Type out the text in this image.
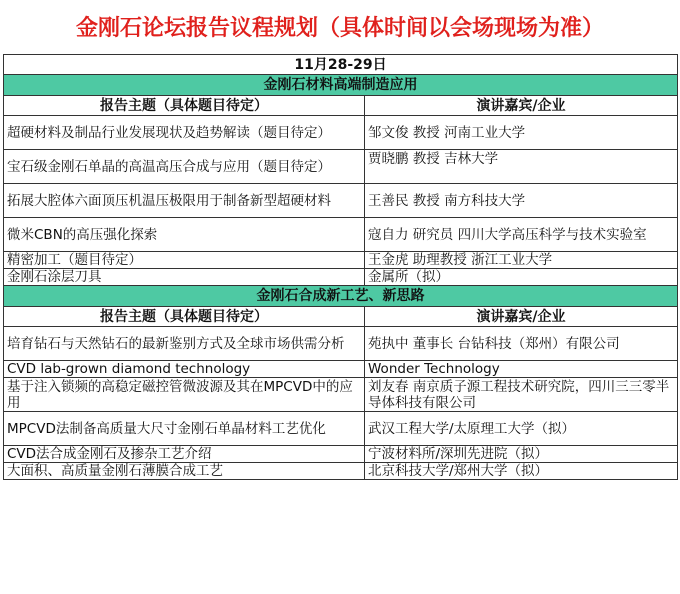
金刚石论坛报告议程规划（具体时间以会场现场为准）
11月28-29日	
金刚石材料高端制造应用	
报告主题（具体题目待定）	演讲嘉宾/企业
超硬材料及制品行业发展现状及趋势解读（题目待定）	邹文俊 教授 河南工业大学
宝石级金刚石单晶的高温高压合成与应用（题目待定）	贾晓鹏 教授 吉林大学
拓展大腔体六面顶压机温压极限用于制备新型超硬材料	王善民 教授 南方科技大学
微米CBN的高压强化探索	寇自力 研究员 四川大学高压科学与技术实验室
精密加工（题目待定）	王金虎 助理教授 浙江工业大学
金刚石涂层刀具	金属所（拟）
金刚石合成新工艺、新思路	
报告主题（具体题目待定）	演讲嘉宾/企业
培育钻石与天然钻石的最新鉴别方式及全球市场供需分析	苑执中 董事长 台钻科技（郑州）有限公司
CVD lab-grown diamond technology	Wonder Technology
基于注入锁频的高稳定磁控管微波源及其在MPCVD中的应用	刘友春 南京质子源工程技术研究院，四川三三零半导体科技有限公司
MPCVD法制备高质量大尺寸金刚石单晶材料工艺优化	武汉工程大学/太原理工大学（拟）
CVD法合成金刚石及掺杂工艺介绍	宁波材料所/深圳先进院（拟）
大面积、高质量金刚石薄膜合成工艺	北京科技大学/郑州大学（拟）
